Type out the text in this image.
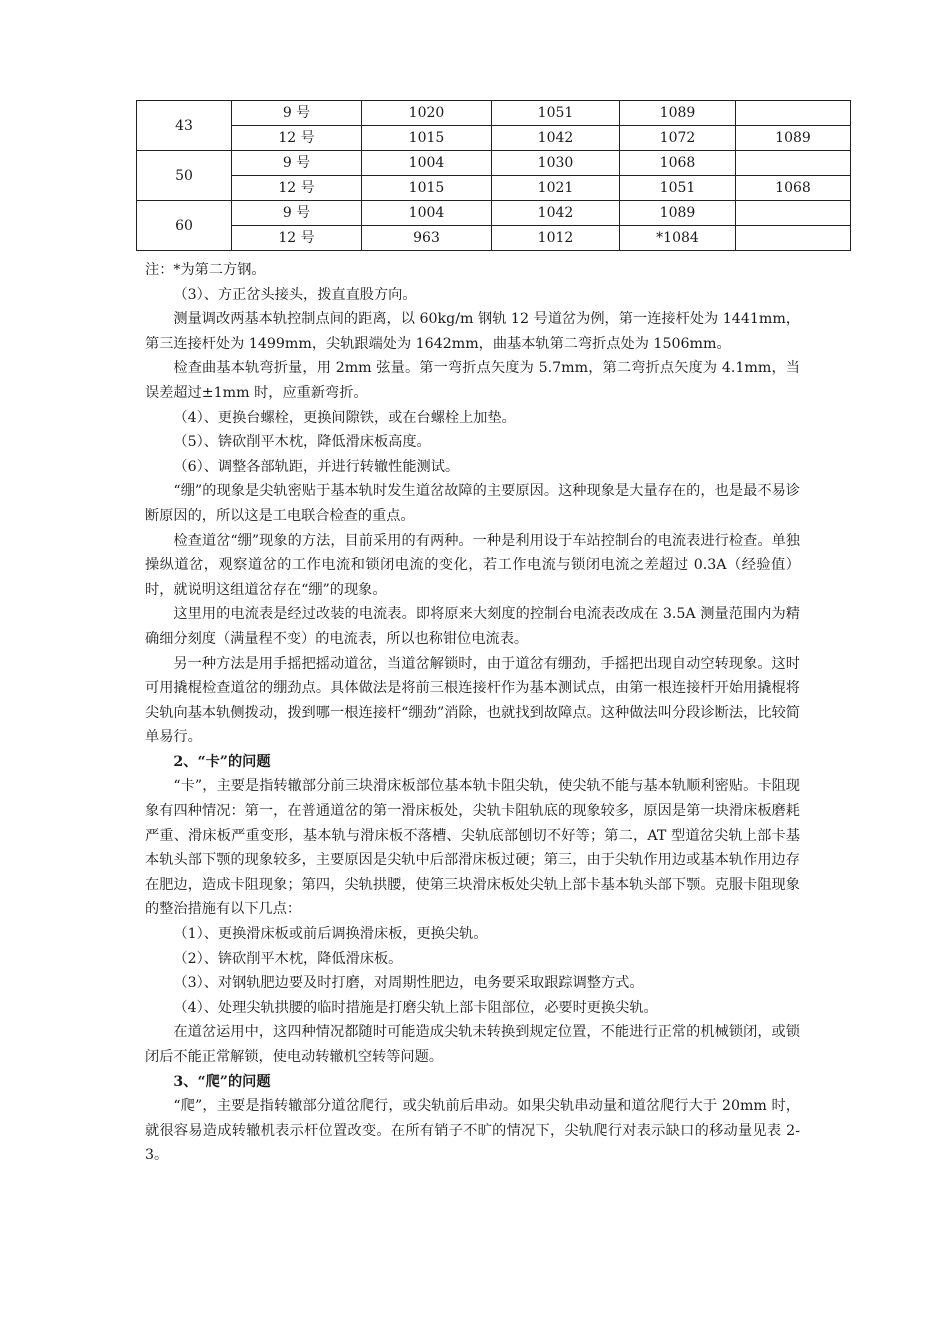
43	9 号	1020	1051	1089	
	12 号	1015	1042	1072	1089
50	9 号	1004	1030	1068	
	12 号	1015	1021	1051	1068
60	9 号	1004	1042	1089	
	12 号	963	1012	*1084	

注：*为第二方钢。

（3）、方正岔头接头，拨直直股方向。

测量调改两基本轨控制点间的距离，以 60kg/m 钢轨 12 号道岔为例，第一连接杆处为 1441mm，第三连接杆处为 1499mm，尖轨跟端处为 1642mm，曲基本轨第二弯折点处为 1506mm。

检查曲基本轨弯折量，用 2mm 弦量。第一弯折点矢度为 5.7mm，第二弯折点矢度为 4.1mm，当误差超过±1mm 时，应重新弯折。

（4）、更换台螺栓，更换间隙铁，或在台螺栓上加垫。

（5）、锛砍削平木枕，降低滑床板高度。

（6）、调整各部轨距，并进行转辙性能测试。

“绷”的现象是尖轨密贴于基本轨时发生道岔故障的主要原因。这种现象是大量存在的，也是最不易诊断原因的，所以这是工电联合检查的重点。

检查道岔“绷”现象的方法，目前采用的有两种。一种是利用设于车站控制台的电流表进行检查。单独操纵道岔，观察道岔的工作电流和锁闭电流的变化，若工作电流与锁闭电流之差超过 0.3A（经验值）时，就说明这组道岔存在“绷”的现象。

这里用的电流表是经过改装的电流表。即将原来大刻度的控制台电流表改成在 3.5A 测量范围内为精确细分刻度（满量程不变）的电流表，所以也称钳位电流表。

另一种方法是用手摇把摇动道岔，当道岔解锁时，由于道岔有绷劲，手摇把出现自动空转现象。这时可用撬棍检查道岔的绷劲点。具体做法是将前三根连接杆作为基本测试点，由第一根连接杆开始用撬棍将尖轨向基本轨侧拨动，拨到哪一根连接杆“绷劲”消除，也就找到故障点。这种做法叫分段诊断法，比较简单易行。

2、“卡”的问题

“卡”，主要是指转辙部分前三块滑床板部位基本轨卡阻尖轨，使尖轨不能与基本轨顺利密贴。卡阻现象有四种情况：第一，在普通道岔的第一滑床板处，尖轨卡阻轨底的现象较多，原因是第一块滑床板磨耗严重、滑床板严重变形，基本轨与滑床板不落槽、尖轨底部刨切不好等；第二，AT 型道岔尖轨上部卡基本轨头部下颚的现象较多，主要原因是尖轨中后部滑床板过硬；第三，由于尖轨作用边或基本轨作用边存在肥边，造成卡阻现象；第四，尖轨拱腰，使第三块滑床板处尖轨上部卡基本轨头部下颚。克服卡阻现象的整治措施有以下几点：

（1）、更换滑床板或前后调换滑床板，更换尖轨。

（2）、锛砍削平木枕，降低滑床板。

（3）、对钢轨肥边要及时打磨，对周期性肥边，电务要采取跟踪调整方式。

（4）、处理尖轨拱腰的临时措施是打磨尖轨上部卡阻部位，必要时更换尖轨。

在道岔运用中，这四种情况都随时可能造成尖轨未转换到规定位置，不能进行正常的机械锁闭，或锁闭后不能正常解锁，使电动转辙机空转等问题。

3、“爬”的问题

“爬”，主要是指转辙部分道岔爬行，或尖轨前后串动。如果尖轨串动量和道岔爬行大于 20mm 时，就很容易造成转辙机表示杆位置改变。在所有销子不旷的情况下，尖轨爬行对表示缺口的移动量见表 2-3。
